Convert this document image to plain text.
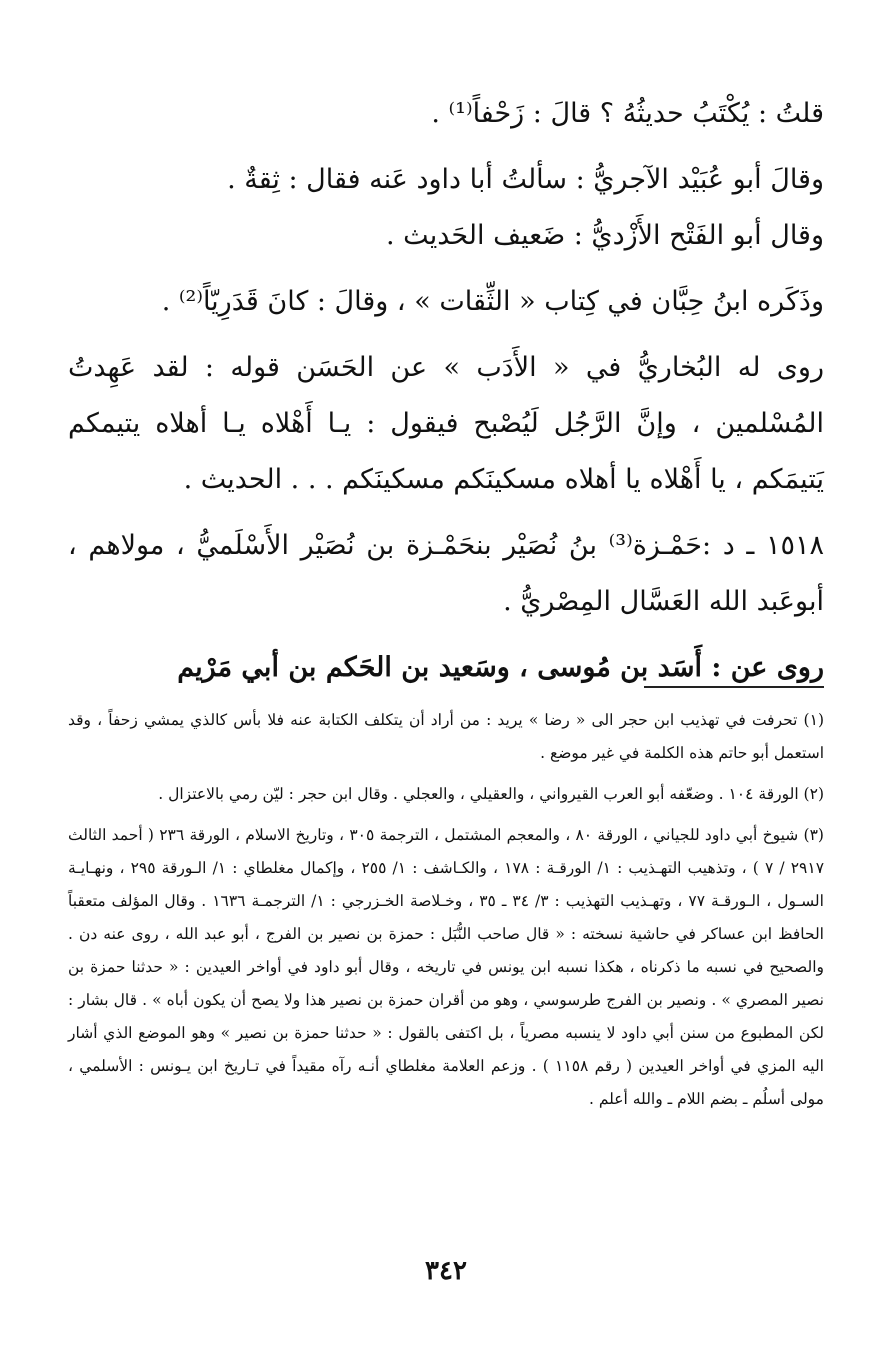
قلتُ : يُكْتَبُ حديثُهُ ؟ قالَ : زَحْفاً⁽¹⁾ .

وقالَ أبو عُبَيْد الآجريُّ : سألتُ أبا داود عَنه فقال : ثِقةٌ .

وقال أبو الفَتْح الأَزْديُّ : ضَعيف الحَديث .

وذَكَره ابنُ حِبَّان في كِتاب « الثِّقات » ، وقالَ : كانَ قَدَرِيّاً⁽²⁾ .

روى له البُخاريُّ في « الأَدَب » عن الحَسَن قوله : لقد عَهِدتُ المُسْلمين ، وإنَّ الرَّجُل لَيُصْبح فيقول : يـا أَهْلاه يـا أهلاه يتيمكم يَتيمَكم ، يا أَهْلاه يا أهلاه مسكينَكم مسكينَكم . . . الحديث .

١٥١٨ ـ د :حَمْـزة⁽³⁾ بنُ نُصَيْر بنحَمْـزة بن نُصَيْر الأَسْلَميُّ ، مولاهم ، أبوعَبد الله العَسَّال المِصْريُّ .

روى عن : أَسَد بن مُوسى ، وسَعيد بن الحَكم بن أبي مَرْيم

(١) تحرفت في تهذيب ابن حجر الى « رضا » يريد : من أراد أن يتكلف الكتابة عنه فلا بأس كالذي يمشي زحفاً ، وقد استعمل أبو حاتم هذه الكلمة في غير موضع .

(٢) الورقة ١٠٤ . وضعّفه أبو العرب القيرواني ، والعقيلي ، والعجلي . وقال ابن حجر : ليّن رمي بالاعتزال .

(٣) شيوخ أبي داود للجياني ، الورقة ٨٠ ، والمعجم المشتمل ، الترجمة ٣٠٥ ، وتاريخ الاسلام ، الورقة ٢٣٦ ( أحمد الثالث ٢٩١٧ / ٧ ) ، وتذهيب التهـذيب : ١/ الورقـة : ١٧٨ ، والكـاشف : ١/ ٢٥٥ ، وإكمال مغلطاي : ١/ الـورقة ٢٩٥ ، ونهـايـة السـول ، الـورقـة ٧٧ ، وتهـذيب التهذيب : ٣/ ٣٤ ـ ٣٥ ، وخـلاصة الخـزرجي : ١/ الترجمـة ١٦٣٦ . وقال المؤلف متعقباً الحافظ ابن عساكر في حاشية نسخته : « قال صاحب النُّبَل : حمزة بن نصير بن الفرج ، أبو عبد الله ، روى عنه دن . والصحيح في نسبه ما ذكرناه ، هكذا نسبه ابن يونس في تاريخه ، وقال أبو داود في أواخر العيدين : « حدثنا حمزة بن نصير المصري » . ونصير بن الفرج طرسوسي ، وهو من أقران حمزة بن نصير هذا ولا يصح أن يكون أباه » . قال بشار : لكن المطبوع من سنن أبي داود لا ينسبه مصرياً ، بل اكتفى بالقول : « حدثنا حمزة بن نصير » وهو الموضع الذي أشار اليه المزي في أواخر العيدين ( رقم ١١٥٨ ) . وزعم العلامة مغلطاي أنـه رآه مقيداً في تـاريخ ابن يـونس : الأسلمي ، مولى أسلُم ـ بضم اللام ـ والله أعلم .

٣٤٢
